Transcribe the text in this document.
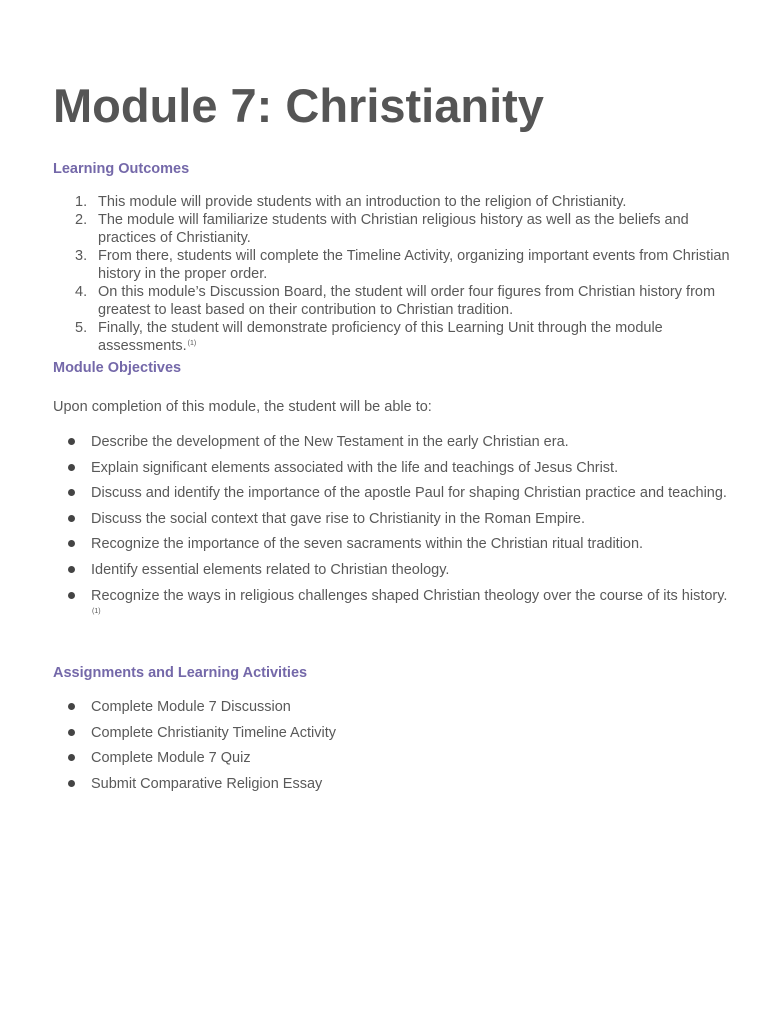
Module 7: Christianity
Learning Outcomes
1. This module will provide students with an introduction to the religion of Christianity.
2. The module will familiarize students with Christian religious history as well as the beliefs and practices of Christianity.
3. From there, students will complete the Timeline Activity, organizing important events from Christian history in the proper order.
4. On this module’s Discussion Board, the student will order four figures from Christian history from greatest to least based on their contribution to Christian tradition.
5. Finally, the student will demonstrate proficiency of this Learning Unit through the module assessments.$^{(1)}$
Module Objectives

Upon completion of this module, the student will be able to:

Describe the development of the New Testament in the early Christian era.
Explain significant elements associated with the life and teachings of Jesus Christ.
Discuss and identify the importance of the apostle Paul for shaping Christian practice and teaching.
Discuss the social context that gave rise to Christianity in the Roman Empire.
Recognize the importance of the seven sacraments within the Christian ritual tradition.
Identify essential elements related to Christian theology.
Recognize the ways in religious challenges shaped Christian theology over the course of its history.$^{(1)}$
Assignments and Learning Activities
Complete Module 7 Discussion
Complete Christianity Timeline Activity
Complete Module 7 Quiz
Submit Comparative Religion Essay
